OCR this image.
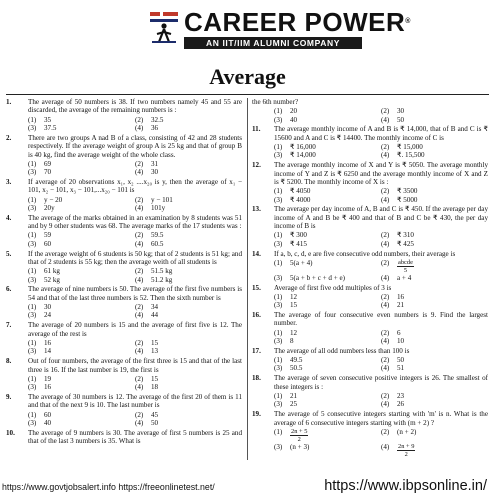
CAREER POWER®
AN IIT/IIM ALUMNI COMPANY
Average
1.	The average of 50 numbers is 38. If two numbers namely 45 and 55 are discarded, the average of the remaining numbers is :
(1)	35	(2)	32.5
(3)	37.5	(4)	36
2.	There are two groups A nad B of a class, consisting of 42 and 28 students respectively. If the average weight of group A is 25 kg and that of group B is 40 kg, find the average weight of the whole class.
(1)	69	(2)	31
(3)	70	(4)	30
3.	If average of 20 observations x₁, x₂ ....x₂₀ is y, then the average of x₁ − 101, x₂ − 101, x₃ − 101,...x₂₀ − 101 is
(1)	y − 20	(2)	y − 101
(3)	20y	(4)	101y
4.	The average of the marks obtained in an examination by 8 students was 51 and by 9 other students was 68. The average marks of the 17 students was :
(1)	59	(2)	59.5
(3)	60	(4)	60.5
5.	If the average weight of 6 students is 50 kg; that of 2 students is 51 kg; and that of 2 students is 55 kg; then the average weith of all students is
(1)	61 kg	(2)	51.5 kg
(3)	52 kg	(4)	51.2 kg
6.	The average of nine numbers is 50. The average of the first five numbers is 54 and that of the last three numbers is 52. Then the sixth number is
(1)	30	(2)	34
(3)	24	(4)	44
7.	The average of 20 numbers is 15 and the average of first five is 12. The average of the rest is
(1)	16	(2)	15
(3)	14	(4)	13
8.	Out of four numbers, the average of the first three is 15 and that of the last three is 16. If the last number is 19, the first is
(1)	19	(2)	15
(3)	16	(4)	18
9.	The average of 30 numbers is 12. The average of the first 20 of them is 11 and that of the next 9 is 10. The last number is
(1)	60	(2)	45
(3)	40	(4)	50
10.	The average of 9 numbers is 30. The average of first 5 numbers is 25 and that of the last 3 numbers is 35. What is
the 6th number?
(1)	20	(2)	30
(3)	40	(4)	50
11.	The average monthly income of A and B is ₹ 14,000, that of B and C is ₹ 15600 and A and C is ₹ 14400. The monthly income of C is
(1)	₹ 16,000	(2)	₹ 15,000
(3)	₹ 14,000	(4)	₹. 15,500
12.	The average monthly income of X and Y is ₹ 5050. The average monthly income of Y and Z is ₹ 6250 and the average monthly income of X and Z is ₹ 5200. The monthly income of X is :
(1)	₹ 4050	(2)	₹ 3500
(3)	₹ 4000	(4)	₹ 5000
13.	The average per day income of A, B and C is ₹ 450. If the average per day income of A and B be ₹ 400 and that of B and C be ₹ 430, the per day income of B is
(1)	₹ 300	(2)	₹ 310
(3)	₹ 415	(4)	₹ 425
14.	If a, b, c, d, e are five consecutive odd numbers, their average is
(1)	5(a + 4)	(2)	$\frac{\text{abcde}}{5}$
(3)	5(a + b + c + d + e)	(4)	a + 4
15.	Average of first five odd multiples of 3 is
(1)	12	(2)	16
(3)	15	(4)	21
16.	The average of four consecutive even numbers is 9. Find the largest number.
(1)	12	(2)	6
(3)	8	(4)	10
17.	The average of all odd numbers less than 100 is
(1)	49.5	(2)	50
(3)	50.5	(4)	51
18.	The average of seven consecutive positive integers is 26. The smallest of these integers is :
(1)	21	(2)	23
(3)	25	(4)	26
19.	The average of 5 consecutive integers starting with 'm' is n. What is the average of 6 consecutive integers starting with (m + 2) ?
(1)	$\frac{2n + 5}{2}$	(2)	(n + 2)
(3)	(n + 3)	(4)	$\frac{2n + 9}{2}$
https://www.govtjobsalert.info https://freeonlinetest.net/	https://www.ibpsonline.in/
